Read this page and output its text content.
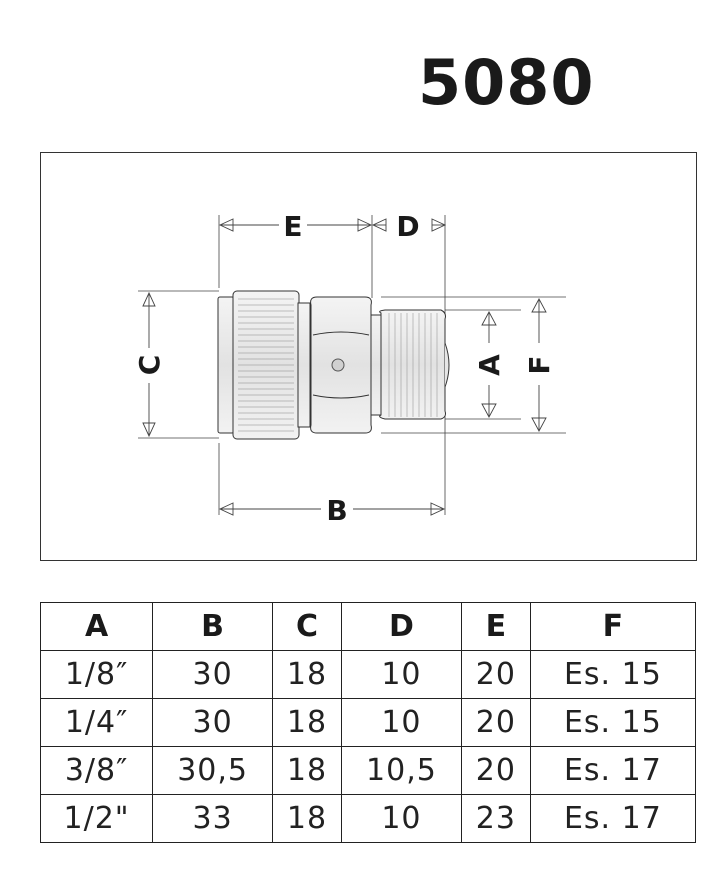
5080
E	D
B
C	A F
A	B	C	D	E	F
1/8″	30	18	10	20	Es. 15
1/4″	30	18	10	20	Es. 15
3/8″	30,5	18	10,5	20	Es. 17
1/2"	33	18	10	23	Es. 17
